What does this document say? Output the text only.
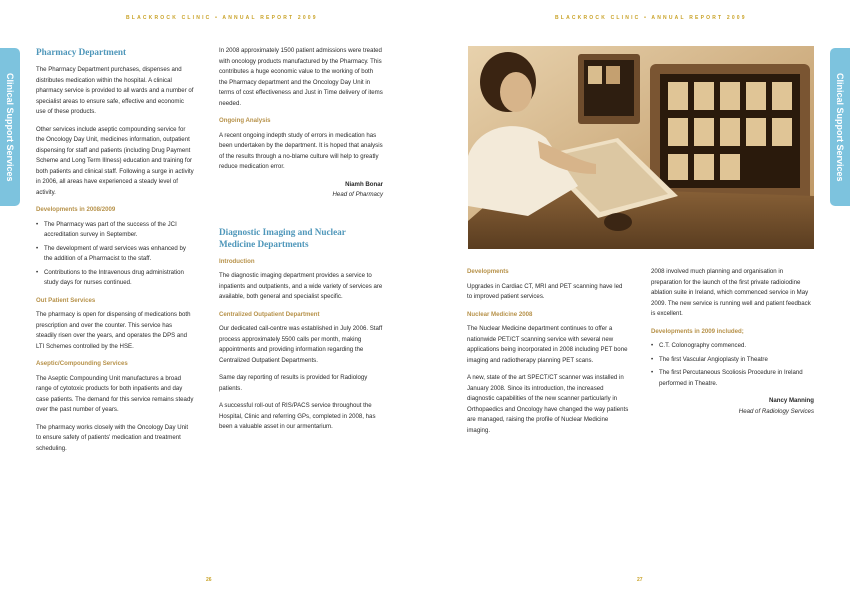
BLACKROCK CLINIC • ANNUAL REPORT 2009	BLACKROCK CLINIC • ANNUAL REPORT 2009
Clinical Support Services	Clinical Support Services
Pharmacy Department

The Pharmacy Department purchases, dispenses and distributes medication within the hospital. A clinical pharmacy service is provided to all wards and a number of specialist areas to ensure safe, effective and economic use of these products.

Other services include aseptic compounding service for the Oncology Day Unit, medicines information, outpatient dispensing for staff and patients (including Drug Payment Scheme and Long Term Illness) education and training for both patients and clinical staff. Following a surge in activity in 2006, all areas have experienced a steady level of activity.

Developments in 2008/2009
• The Pharmacy was part of the success of the JCI accreditation survey in September.
• The development of ward services was enhanced by the addition of a Pharmacist to the staff.
• Contributions to the Intravenous drug administration study days for nurses continued.
Out Patient Services

The pharmacy is open for dispensing of medications both prescription and over the counter. This service has steadily risen over the years, and operates the DPS and LTI Schemes controlled by the HSE.

Aseptic/Compounding Services

The Aseptic Compounding Unit manufactures a broad range of cytotoxic products for both inpatients and day case patients. The demand for this service remains steady over the past number of years.

The pharmacy works closely with the Oncology Day Unit to ensure safety of patients' medication and treatment scheduling.

In 2008 approximately 1500 patient admissions were treated with oncology products manufactured by the Pharmacy. This contributes a huge economic value to the working of both the Pharmacy department and the Oncology Day Unit in terms of cost effectiveness and Just in Time delivery of items needed.

Ongoing Analysis

A recent ongoing indepth study of errors in medication has been undertaken by the department. It is hoped that analysis of the results through a no-blame culture will help to greatly reduce medication error.

Niamh Bonar
Head of Pharmacy
Diagnostic Imaging and Nuclear Medicine Departments
Introduction

The diagnostic imaging department provides a service to inpatients and outpatients, and a wide variety of services are available, both general and specialist specific.

Centralized Outpatient Department

Our dedicated call-centre was established in July 2006. Staff process approximately 5500 calls per month, making appointments and providing information regarding the Centralized Outpatient Departments.

Same day reporting of results is provided for Radiology patients.

A successful roll-out of RIS/PACS service throughout the Hospital, Clinic and referring GPs, completed in 2008, has been a valuable asset in our armentarium.

Developments

Upgrades in Cardiac CT, MRI and PET scanning have led to improved patient services.

Nuclear Medicine 2008

The Nuclear Medicine department continues to offer a nationwide PET/CT scanning service with several new applications being incorporated in 2008 including PET bone imaging and radiotherapy planning PET scans.

A new, state of the art SPECT/CT scanner was installed in January 2008. Since its introduction, the increased diagnostic capabilities of the new scanner particularly in Orthopaedics and Oncology have changed the way patients are managed, raising the profile of Nuclear Medicine imaging.

2008 involved much planning and organisation in preparation for the launch of the first private radioiodine ablation suite in Ireland, which commenced service in May 2009. The new service is running well and patient feedback is excellent.

Developments in 2009 included;
• C.T. Colonography commenced.
• The first Vascular Angioplasty in Theatre
• The first Percutaneous Scoliosis Procedure in Ireland performed in Theatre.
Nancy Manning
Head of Radiology Services
26	27
